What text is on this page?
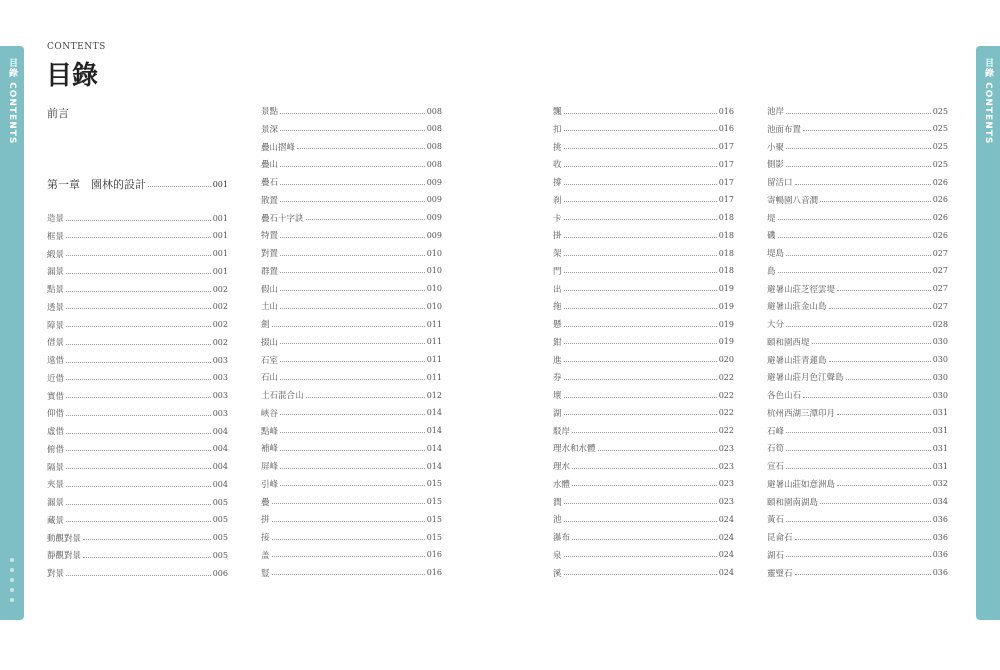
目錄 CONTENTS	目錄 CONTENTS
CONTENTS
目錄
前言
第一章　園林的設計	001
造景	001
框景	001
緞景	001
漏景	001
點景	002
透景	002
障景	002
借景	002
遠借	003
近借	003
實借	003
仰借	003
虛借	004
俯借	004
隔景	004
夾景	004
漏景	005
藏景	005
動觀對景	005
靜觀對景	005
對景	006
景點	008
景深	008
疊山摺峰	008
疊山	008
疊石	009
散置	009
疊石十字訣	009
特置	009
對置	010
群置	010
假山	010
土山	010
劍	011
掇山	011
石室	011
石山	011
土石混合山	012
峽谷	014
點峰	014
補峰	014
屏峰	014
引峰	015
疊	015
拼	015
接	015
盖	016
豎	016
飄	016
扣	016
挑	017
收	017
撐	017
刹	017
卡	018
掛	018
架	018
門	018
出	019
拖	019
懸	019
鉗	019
進	020
券	022
壞	022
湖	022
駁岸	022
理水和水體	023
理水	023
水體	023
潤	023
池	024
瀑布	024
泉	024
溪	024
池岸	025
池面布置	025
小聚	025
側影	025
留活口	026
寄暢園八音澗	026
堤	026
磯	026
堤島	027
島	027
避暑山莊芝徑雲堤	027
避暑山莊金山島	027
大分	028
頤和園西堤	030
避暑山莊青蓮島	030
避暑山莊月色江聲島	030
各色山石	030
杭州西湖三潭印月	031
石峰	031
石筍	031
宣石	031
避暑山莊如意洲島	032
頤和園南湖島	034
黃石	036
昆侖石	036
湖石	036
靈璧石	036
